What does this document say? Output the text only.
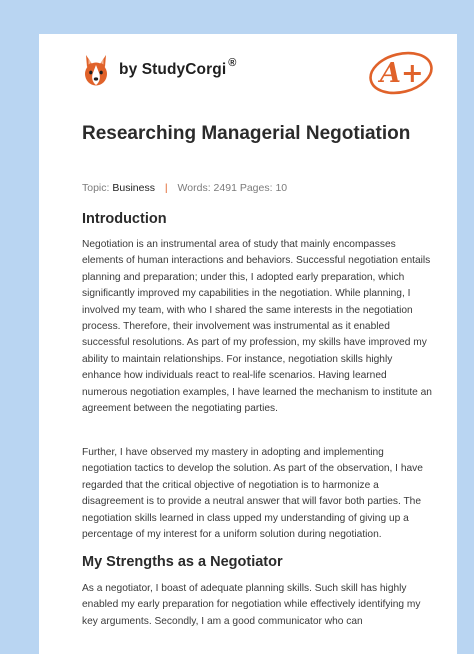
by StudyCorgi ®	A+
Researching Managerial Negotiation
Topic: Business | Words: 2491 Pages: 10
Introduction

Negotiation is an instrumental area of study that mainly encompasses elements of human interactions and behaviors. Successful negotiation entails planning and preparation; under this, I adopted early preparation, which significantly improved my capabilities in the negotiation. While planning, I involved my team, with who I shared the same interests in the negotiation process. Therefore, their involvement was instrumental as it enabled successful resolutions. As part of my profession, my skills have improved my ability to maintain relationships. For instance, negotiation skills highly enhance how individuals react to real-life scenarios. Having learned numerous negotiation examples, I have learned the mechanism to institute an agreement between the negotiating parties.

Further, I have observed my mastery in adopting and implementing negotiation tactics to develop the solution. As part of the observation, I have regarded that the critical objective of negotiation is to harmonize a disagreement is to provide a neutral answer that will favor both parties. The negotiation skills learned in class upped my understanding of giving up a percentage of my interest for a uniform solution during negotiation.

My Strengths as a Negotiator

As a negotiator, I boast of adequate planning skills. Such skill has highly enabled my early preparation for negotiation while effectively identifying my key arguments. Secondly, I am a good communicator who can
